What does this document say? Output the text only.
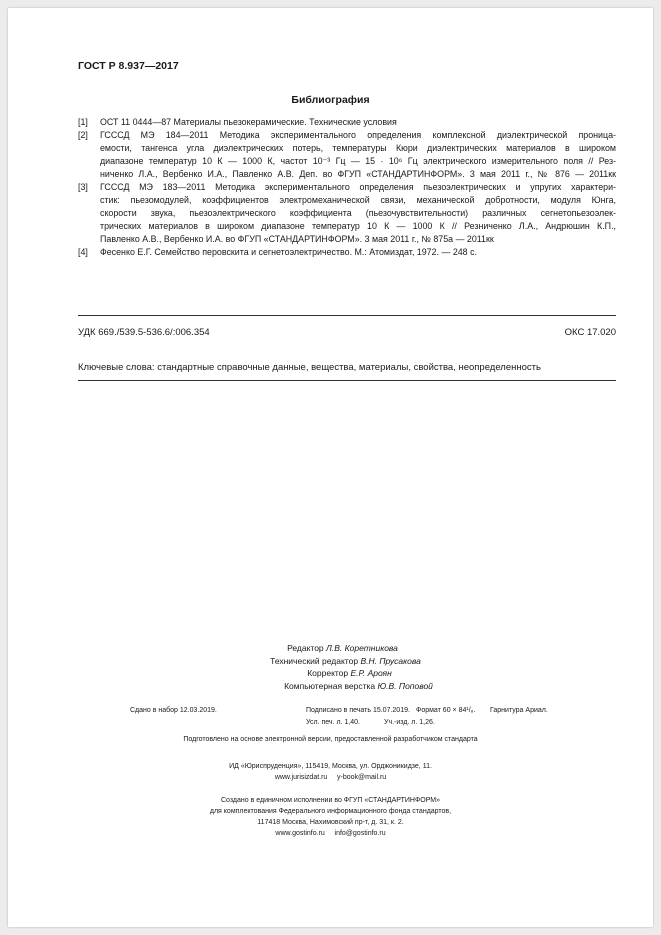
ГОСТ Р 8.937—2017
Библиография
[1] ОСТ 11 0444—87 Материалы пьезокерамические. Технические условия
[2] ГСССД МЭ 184—2011 Методика экспериментального определения комплексной диэлектрической проница-
емости, тангенса угла диэлектрических потерь, температуры Кюри диэлектрических материалов в широком
диапазоне температур 10 К — 1000 К, частот 10⁻³ Гц — 15 · 10⁶ Гц электрического измерительного поля // Рез-
ниченко Л.А., Вербенко И.А., Павленко А.В. Деп. во ФГУП «СТАНДАРТИНФОРМ». 3 мая 2011 г., № 876 — 2011кк
[3] ГСССД МЭ 183—2011 Методика экспериментального определения пьезоэлектрических и упругих характери-
стик: пьезомодулей, коэффициентов электромеханической связи, механической добротности, модуля Юнга,
скорости звука, пьезоэлектрического коэффициента (пьезочувствительности) различных сегнетопьезоэлек-
трических материалов в широком диапазоне температур 10 К — 1000 К // Резниченко Л.А., Андрюшин К.П.,
Павленко А.В., Вербенко И.А. во ФГУП «СТАНДАРТИНФОРМ». 3 мая 2011 г., № 875а — 2011кк
[4] Фесенко Е.Г. Семейство перовскита и сегнетоэлектричество. М.: Атомиздат, 1972. — 248 с.
УДК 669./539.5-536.6/:006.354	ОКС 17.020
Ключевые слова: стандартные справочные данные, вещества, материалы, свойства, неопределенность
Редактор Л.В. Коретникова
Технический редактор В.Н. Прусакова
Корректор Е.Р. Ароян
Компьютерная верстка Ю.В. Поповой
Сдано в набор 12.03.2019.	Подписано в печать 15.07.2019. Формат 60 × 84¹/₈. Гарнитура Ариал.
Усл. печ. л. 1,40.	Уч.-изд. л. 1,26.
Подготовлено на основе электронной версии, предоставленной разработчиком стандарта
ИД «Юриспруденция», 115419, Москва, ул. Орджоникидзе, 11.
www.jurisizdat.ru     y-book@mail.ru
Создано в единичном исполнении во ФГУП «СТАНДАРТИНФОРМ»
для комплектования Федерального информационного фонда стандартов,
117418 Москва, Нахимовский пр-т, д. 31, к. 2.
www.gostinfo.ru     info@gostinfo.ru
